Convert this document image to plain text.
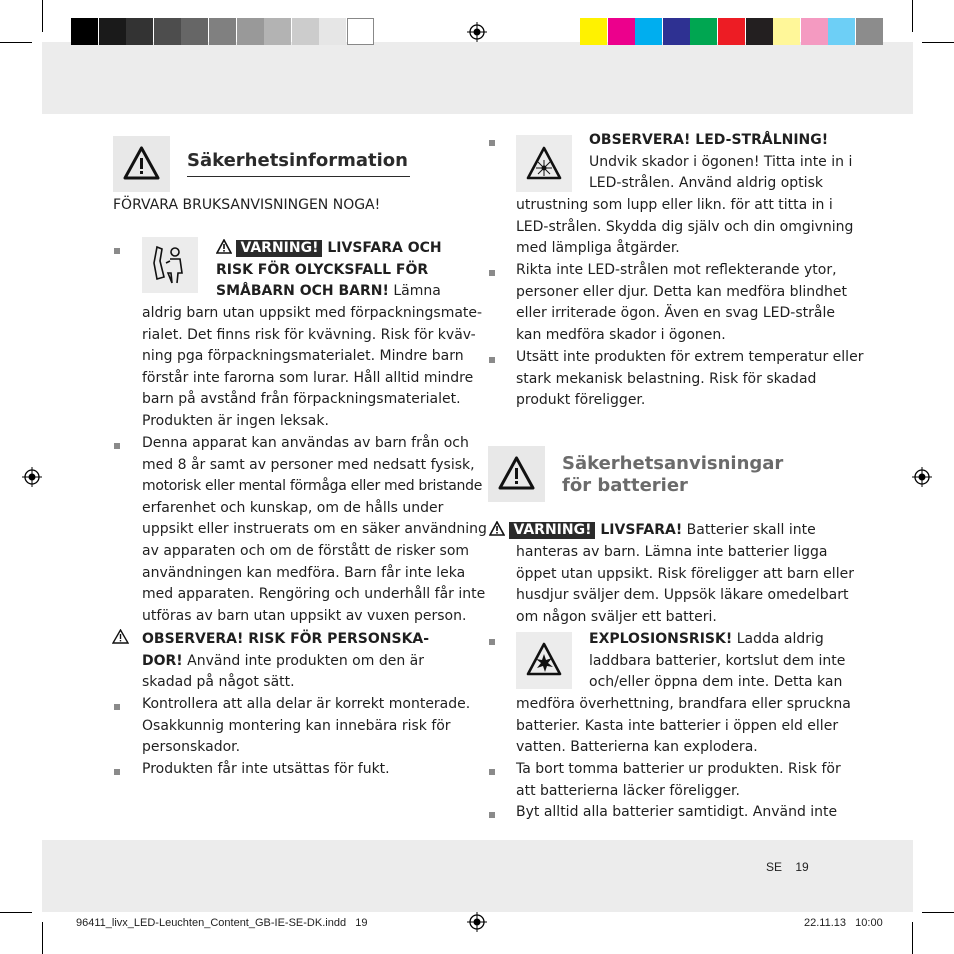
Säkerhetsinformation
FÖRVARA BRUKSANVISNINGEN NOGA!
VARNING! LIVSFARA OCH
RISK FÖR OLYCKSFALL FÖR
SMÅBARN OCH BARN! Lämna
aldrig barn utan uppsikt med förpackningsmate-
rialet. Det finns risk för kvävning. Risk för kväv-
ning pga förpackningsmaterialet. Mindre barn
förstår inte farorna som lurar. Håll alltid mindre
barn på avstånd från förpackningsmaterialet.
Produkten är ingen leksak.
Denna apparat kan användas av barn från och
med 8 år samt av personer med nedsatt fysisk,
motorisk eller mental förmåga eller med bristande
erfarenhet och kunskap, om de hålls under
uppsikt eller instruerats om en säker användning
av apparaten och om de förstått de risker som
användningen kan medföra. Barn får inte leka
med apparaten. Rengöring och underhåll får inte
utföras av barn utan uppsikt av vuxen person.
OBSERVERA! RISK FÖR PERSONSKA-
DOR! Använd inte produkten om den är
skadad på något sätt.
Kontrollera att alla delar är korrekt monterade.
Osakkunnig montering kan innebära risk för
personskador.
Produkten får inte utsättas för fukt.
OBSERVERA! LED-STRÅLNING!
Undvik skador i ögonen! Titta inte in i
LED-strålen. Använd aldrig optisk
utrustning som lupp eller likn. för att titta in i
LED-strålen. Skydda dig själv och din omgivning
med lämpliga åtgärder.
Rikta inte LED-strålen mot reflekterande ytor,
personer eller djur. Detta kan medföra blindhet
eller irriterade ögon. Även en svag LED-stråle
kan medföra skador i ögonen.
Utsätt inte produkten för extrem temperatur eller
stark mekanisk belastning. Risk för skadad
produkt föreligger.
Säkerhetsanvisningar
för batterier
VARNING! LIVSFARA! Batterier skall inte
hanteras av barn. Lämna inte batterier ligga
öppet utan uppsikt. Risk föreligger att barn eller
husdjur sväljer dem. Uppsök läkare omedelbart
om någon sväljer ett batteri.
EXPLOSIONSRISK! Ladda aldrig
laddbara batterier, kortslut dem inte
och/eller öppna dem inte. Detta kan
medföra överhettning, brandfara eller spruckna
batterier. Kasta inte batterier i öppen eld eller
vatten. Batterierna kan explodera.
Ta bort tomma batterier ur produkten. Risk för
att batterierna läcker föreligger.
Byt alltid alla batterier samtidigt. Använd inte
SE    19
96411_livx_LED-Leuchten_Content_GB-IE-SE-DK.indd   19	22.11.13   10:00
